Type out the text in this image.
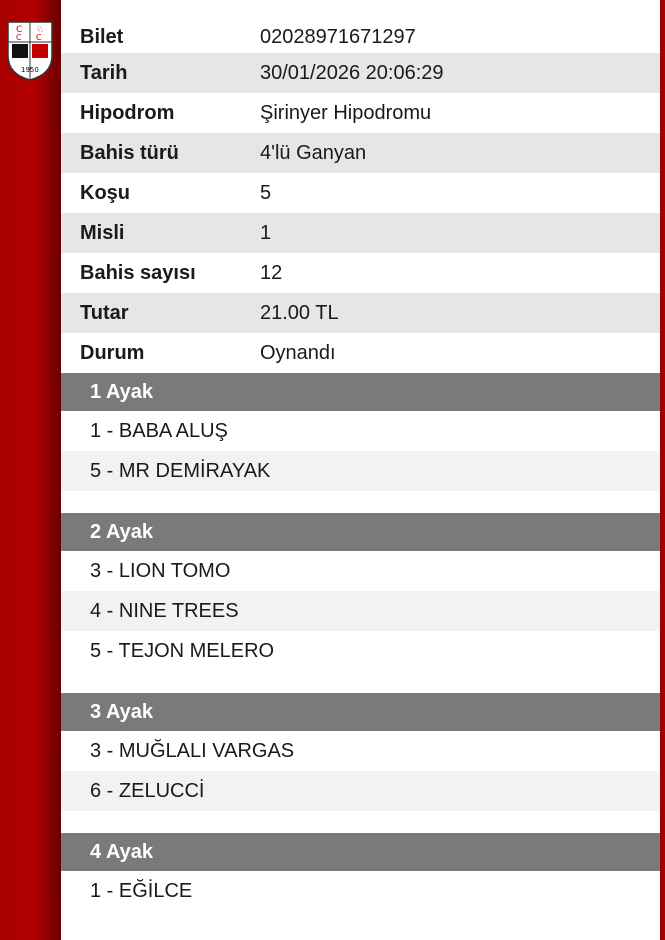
C ♘
C C
1950
Bilet	02028971671297
Tarih	30/01/2026 20:06:29
Hipodrom	Şirinyer Hipodromu
Bahis türü	4'lü Ganyan
Koşu	5
Misli	1
Bahis sayısı	12
Tutar	21.00 TL
Durum	Oynandı
1 Ayak
1 - BABA ALUŞ
5 - MR DEMİRAYAK
2 Ayak
3 - LION TOMO
4 - NINE TREES
5 - TEJON MELERO
3 Ayak
3 - MUĞLALI VARGAS
6 - ZELUCCİ
4 Ayak
1 - EĞİLCE
